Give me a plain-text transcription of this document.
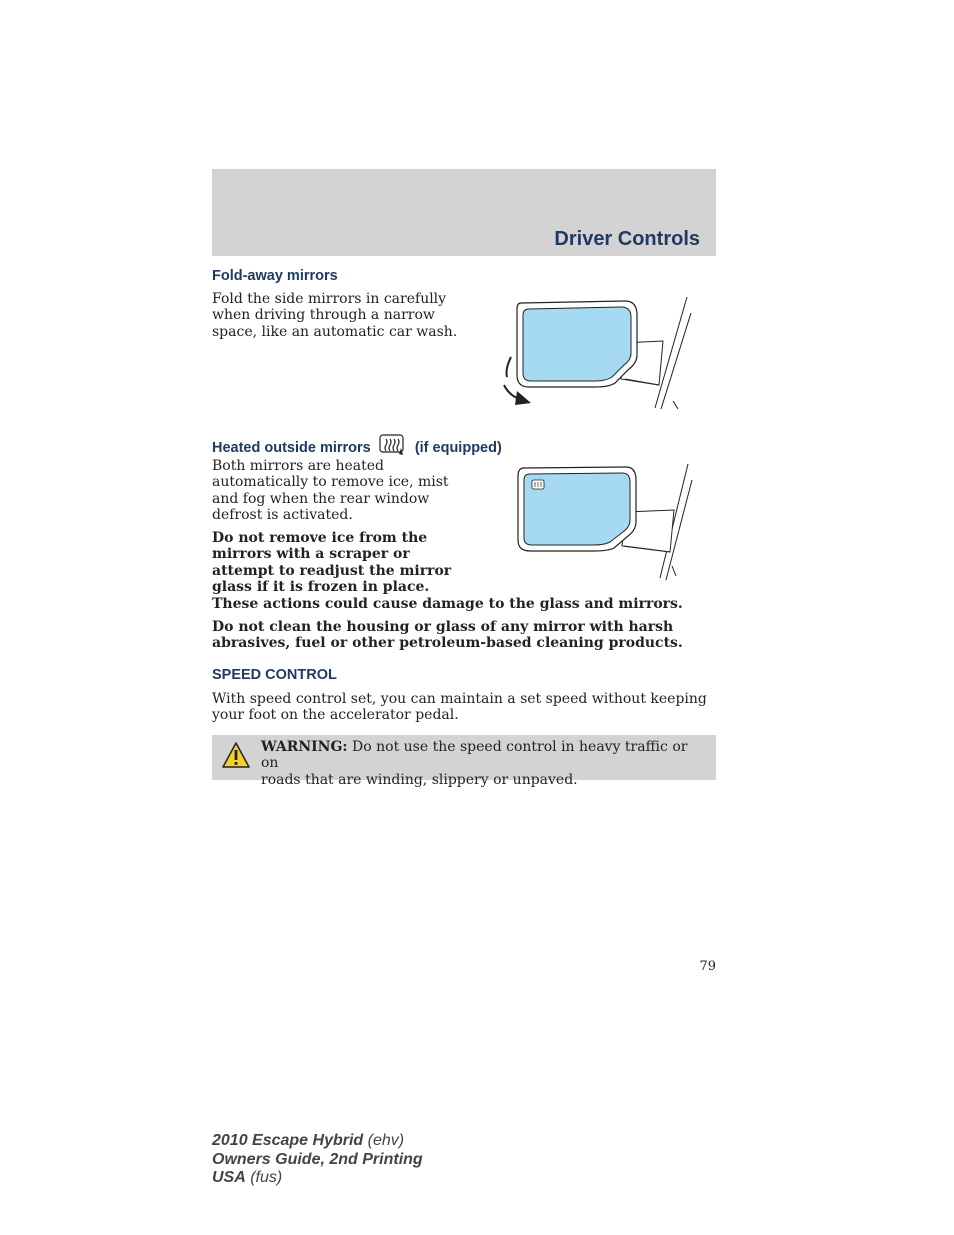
Driver Controls
Fold-away mirrors
Fold the side mirrors in carefully
when driving through a narrow
space, like an automatic car wash.
Heated outside mirrors	(if equipped)
Both mirrors are heated
automatically to remove ice, mist
and fog when the rear window
defrost is activated.
Do not remove ice from the
mirrors with a scraper or
attempt to readjust the mirror
glass if it is frozen in place.
These actions could cause damage to the glass and mirrors.
Do not clean the housing or glass of any mirror with harsh
abrasives, fuel or other petroleum-based cleaning products.
SPEED CONTROL
With speed control set, you can maintain a set speed without keeping
your foot on the accelerator pedal.
WARNING: Do not use the speed control in heavy traffic or on
roads that are winding, slippery or unpaved.
79
2010 Escape Hybrid (ehv)
Owners Guide, 2nd Printing
USA (fus)
